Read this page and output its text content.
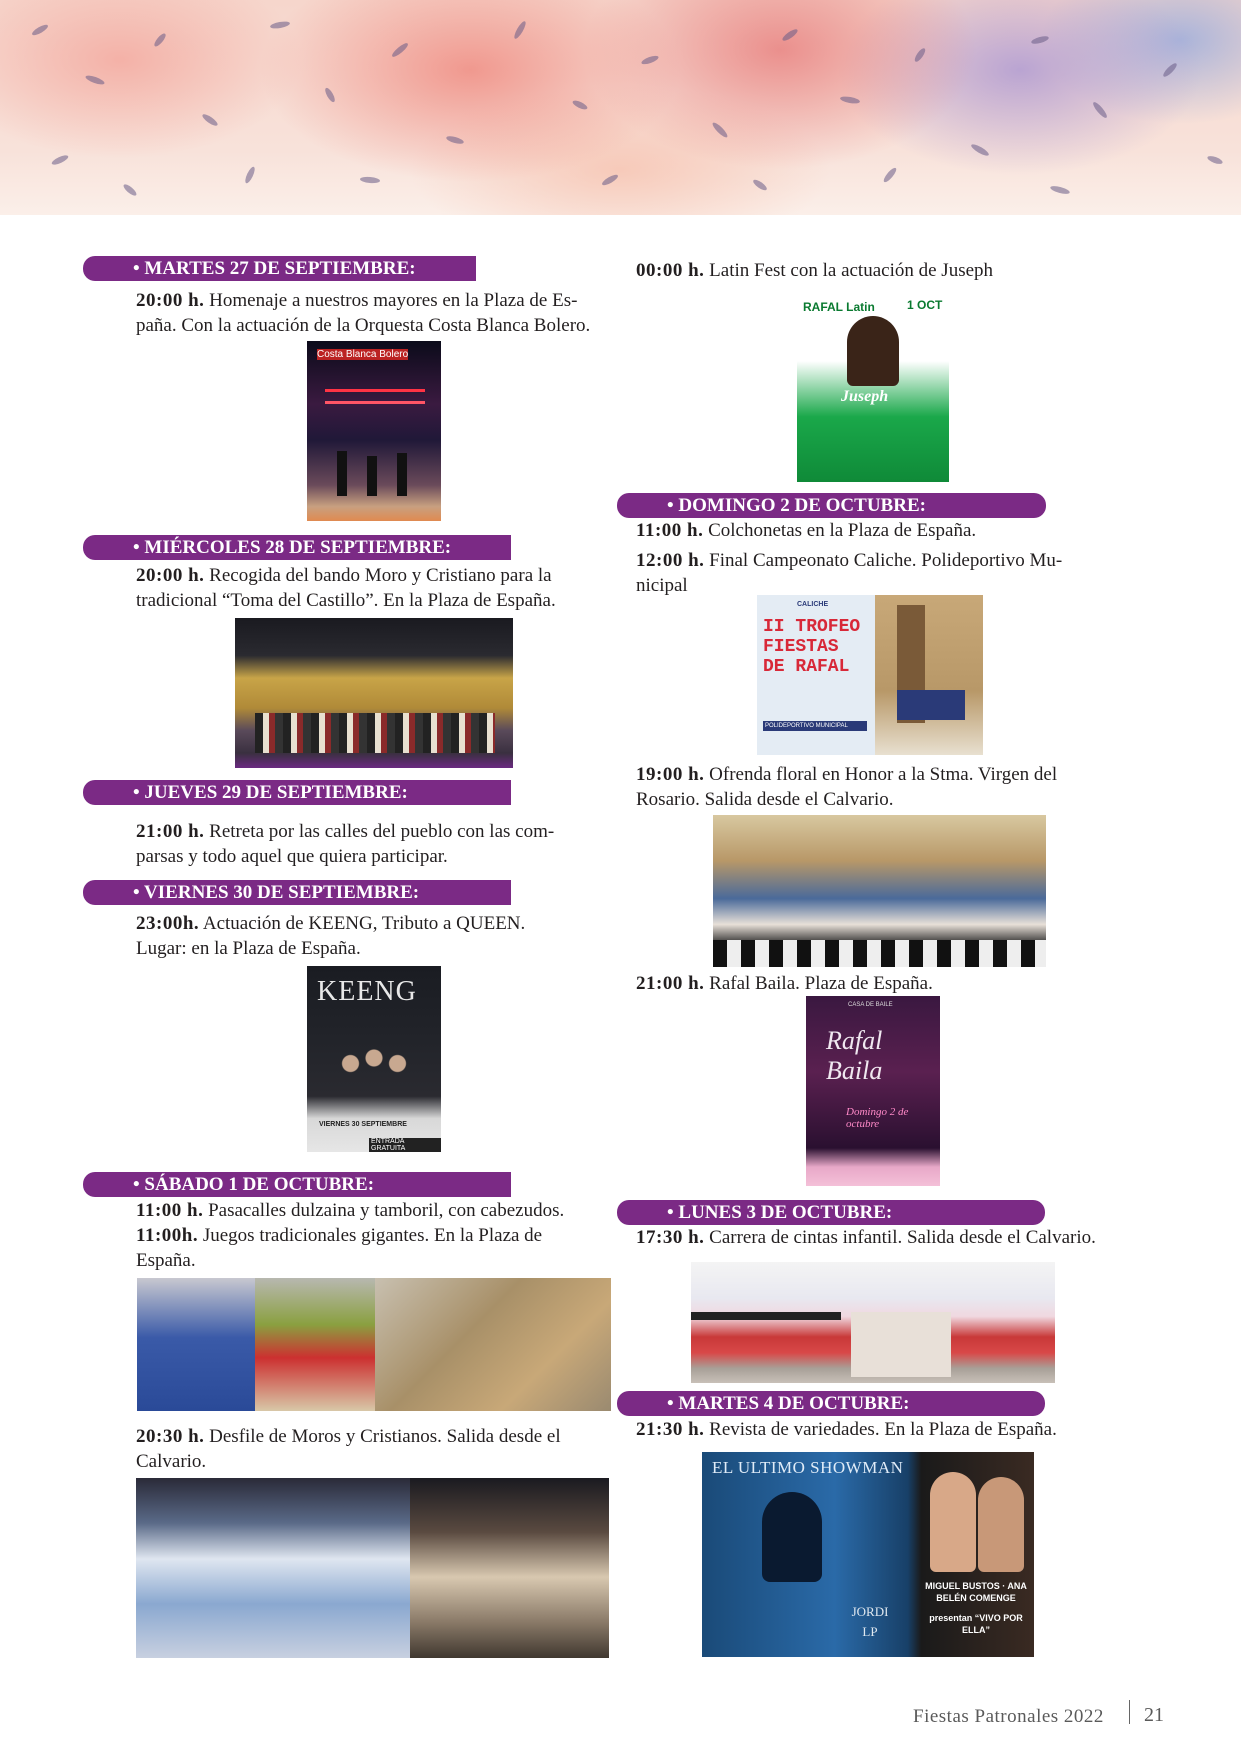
• MARTES 27 DE SEPTIEMBRE:
20:00 h. Homenaje a nuestros mayores en la Plaza de Es-
paña. Con la actuación de la Orquesta Costa Blanca Bolero.
Costa Blanca Bolero
• MIÉRCOLES 28 DE SEPTIEMBRE:
20:00 h. Recogida del bando Moro y Cristiano para la
tradicional “Toma del Castillo”. En la Plaza de España.
• JUEVES 29 DE SEPTIEMBRE:
21:00 h. Retreta por las calles del pueblo con las com-
parsas y todo aquel que quiera participar.
• VIERNES 30 DE SEPTIEMBRE:
23:00h. Actuación de KEENG, Tributo a QUEEN.
Lugar: en la Plaza de España.
KEENG
VIERNES 30 SEPTIEMBRE
ENTRADA GRATUITA
• SÁBADO 1 DE OCTUBRE:
11:00 h. Pasacalles dulzaina y tamboril, con cabezudos.
11:00h. Juegos tradicionales gigantes. En la Plaza de
España.
20:30 h. Desfile de Moros y Cristianos. Salida desde el
Calvario.
00:00 h. Latin Fest con la actuación de Juseph
RAFAL Latin	1 OCT
Juseph
• DOMINGO 2 DE OCTUBRE:
11:00 h. Colchonetas en la Plaza de España.
12:00 h. Final Campeonato Caliche. Polideportivo Mu-
nicipal
CALICHE
II TROFEO FIESTAS DE RAFAL
POLIDEPORTIVO MUNICIPAL
19:00 h. Ofrenda floral en Honor a la Stma. Virgen del
Rosario. Salida desde el Calvario.
21:00 h. Rafal Baila. Plaza de España.
CASA DE BAILE
Rafal Baila
Domingo 2 de octubre
• LUNES 3 DE OCTUBRE:
17:30 h. Carrera de cintas infantil. Salida desde el Calvario.
• MARTES 4 DE OCTUBRE:
21:30 h. Revista de variedades. En la Plaza de España.
EL ULTIMO SHOWMAN
JORDI LP
MIGUEL BUSTOS · ANA BELÉN COMENGE
presentan “VIVO POR ELLA”
Fiestas Patronales 2022 21
